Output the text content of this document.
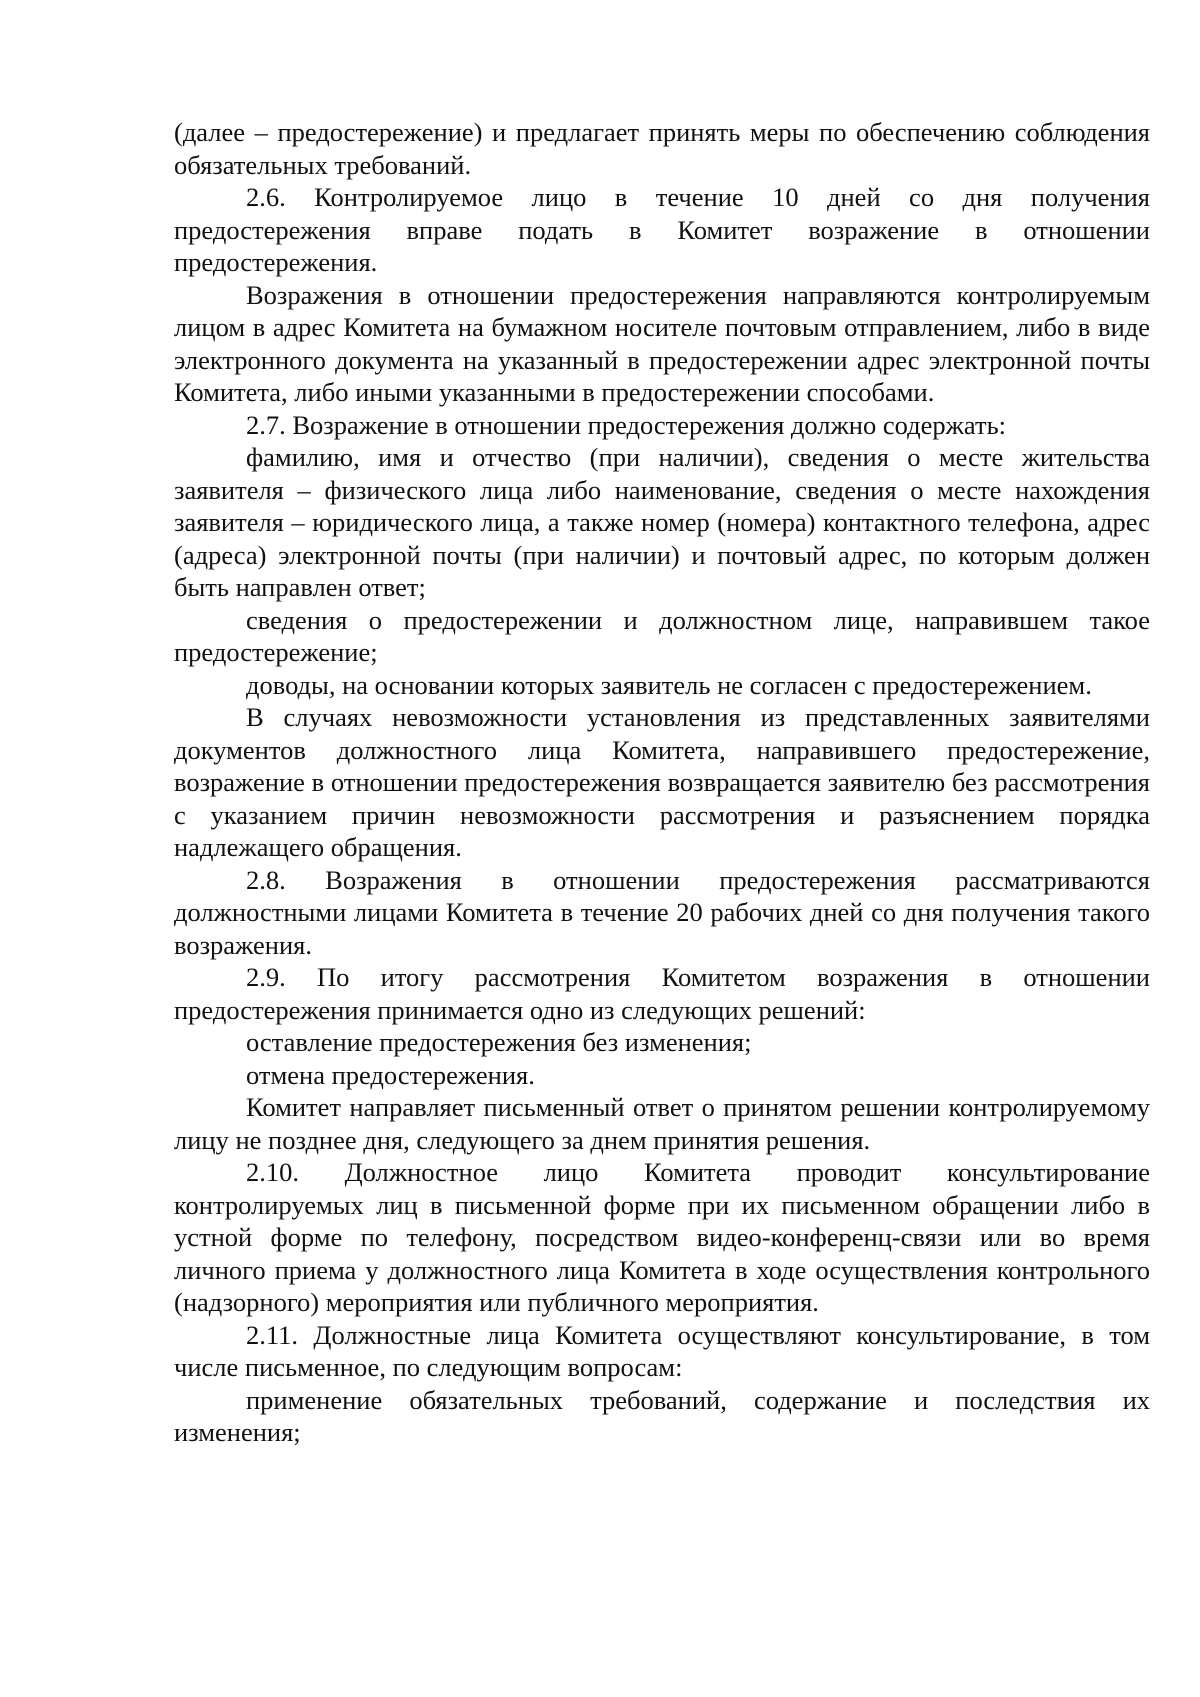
(далее – предостережение) и предлагает принять меры по обеспечению соблюдения обязательных требований.

2.6. Контролируемое лицо в течение 10 дней со дня получения предостережения вправе подать в Комитет возражение в отношении предостережения.

Возражения в отношении предостережения направляются контролируемым лицом в адрес Комитета на бумажном носителе почтовым отправлением, либо в виде электронного документа на указанный в предостережении адрес электронной почты Комитета, либо иными указанными в предостережении способами.

2.7. Возражение в отношении предостережения должно содержать:

фамилию, имя и отчество (при наличии), сведения о месте жительства заявителя – физического лица либо наименование, сведения о месте нахождения заявителя – юридического лица, а также номер (номера) контактного телефона, адрес (адреса) электронной почты (при наличии) и почтовый адрес, по которым должен быть направлен ответ;

сведения о предостережении и должностном лице, направившем такое предостережение;

доводы, на основании которых заявитель не согласен с предостережением.

В случаях невозможности установления из представленных заявителями документов должностного лица Комитета, направившего предостережение, возражение в отношении предостережения возвращается заявителю без рассмотрения с указанием причин невозможности рассмотрения и разъяснением порядка надлежащего обращения.

2.8. Возражения в отношении предостережения рассматриваются должностными лицами Комитета в течение 20 рабочих дней со дня получения такого возражения.

2.9. По итогу рассмотрения Комитетом возражения в отношении предостережения принимается одно из следующих решений:

оставление предостережения без изменения;

отмена предостережения.

Комитет направляет письменный ответ о принятом решении контролируемому лицу не позднее дня, следующего за днем принятия решения.

2.10. Должностное лицо Комитета проводит консультирование контролируемых лиц в письменной форме при их письменном обращении либо в устной форме по телефону, посредством видео-конференц-связи или во время личного приема у должностного лица Комитета в ходе осуществления контрольного (надзорного) мероприятия или публичного мероприятия.

2.11. Должностные лица Комитета осуществляют консультирование, в том числе письменное, по следующим вопросам:

применение обязательных требований, содержание и последствия их изменения;
